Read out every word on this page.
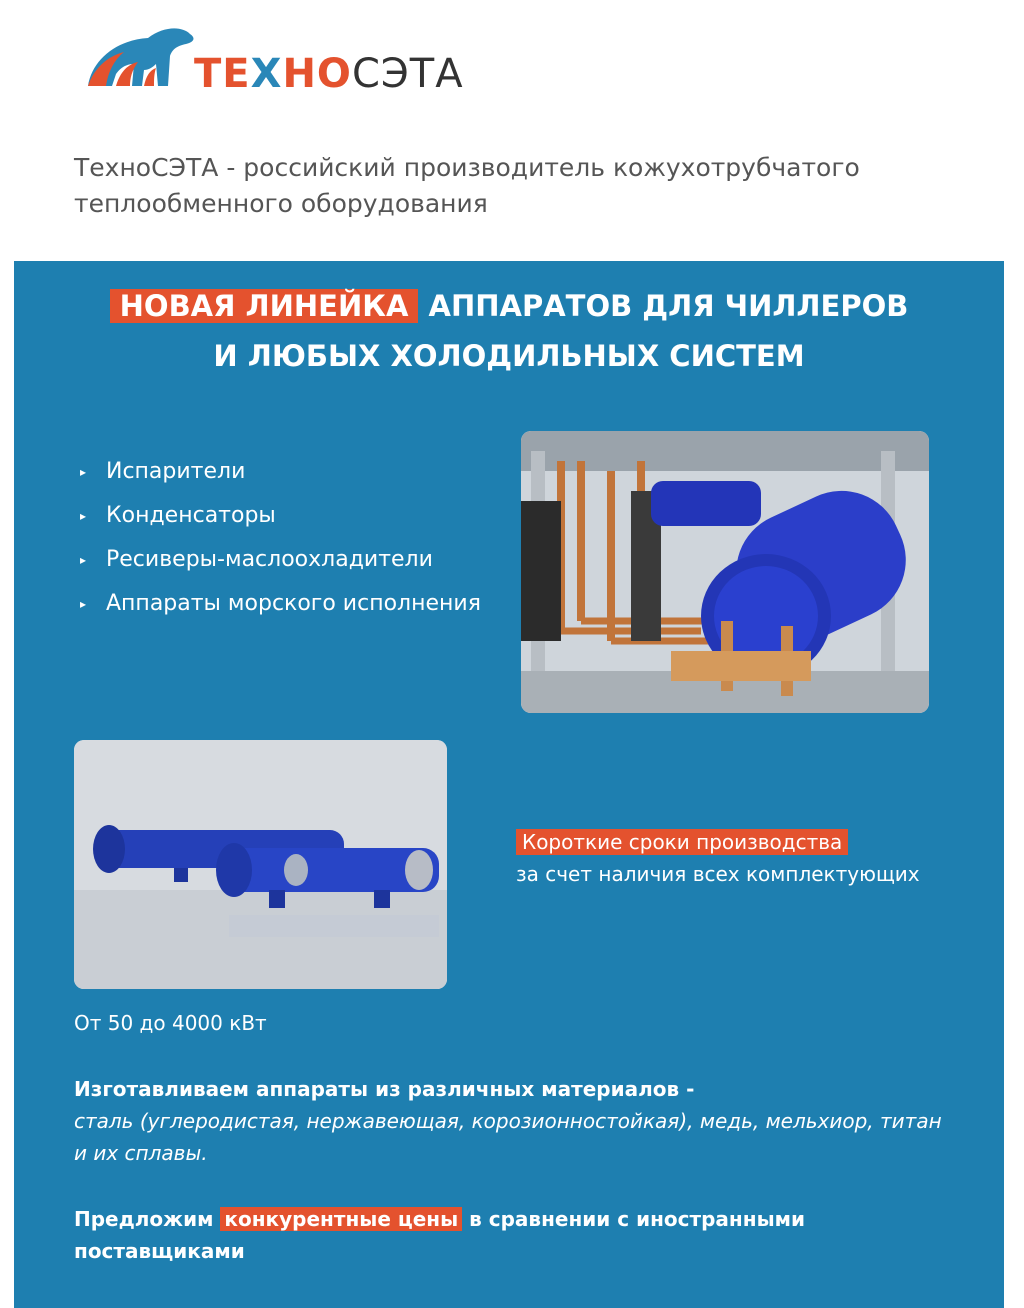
ТЕХНОСЭТА
ТехноСЭТА - российский производитель кожухотрубчатого теплообменного оборудования
НОВАЯ ЛИНЕЙКА АППАРАТОВ ДЛЯ ЧИЛЛЕРОВ
И ЛЮБЫХ ХОЛОДИЛЬНЫХ СИСТЕМ
▸ Испарители
▸ Конденсаторы
▸ Ресиверы-маслоохладители
▸ Аппараты морского исполнения
Короткие сроки производства
за счет наличия всех комплектующих
От 50 до 4000 кВт
Изготавливаем аппараты из различных материалов -
сталь (углеродистая, нержавеющая, корозионностойкая), медь, мельхиор, титан и их сплавы.
Предложим конкурентные цены в сравнении с иностранными поставщиками
